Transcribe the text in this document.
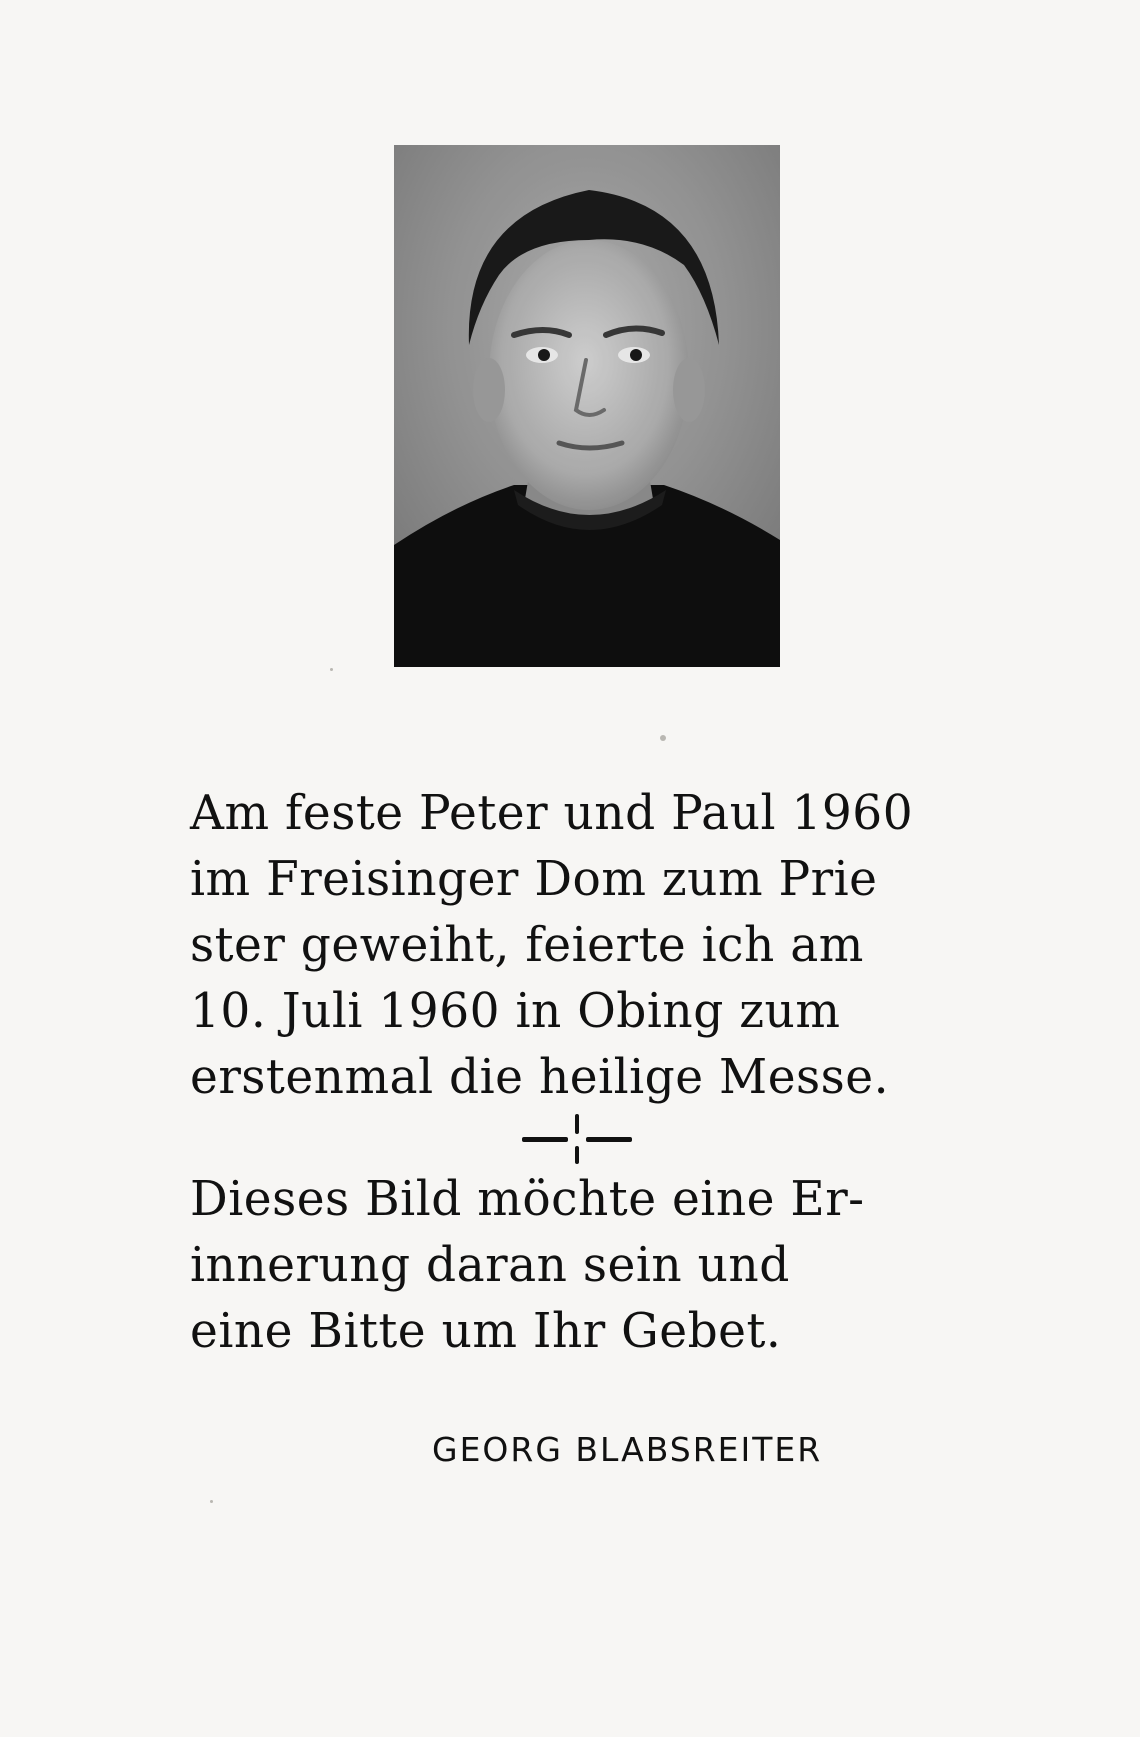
Am feste Peter und Paul 1960
im Freisinger Dom zum Prie
ster geweiht, feierte ich am
10. Juli 1960 in Obing zum
erstenmal die heilige Messe.
Dieses Bild möchte eine Er-
innerung daran sein und
eine Bitte um Ihr Gebet.
GEORG BLABSREITER
